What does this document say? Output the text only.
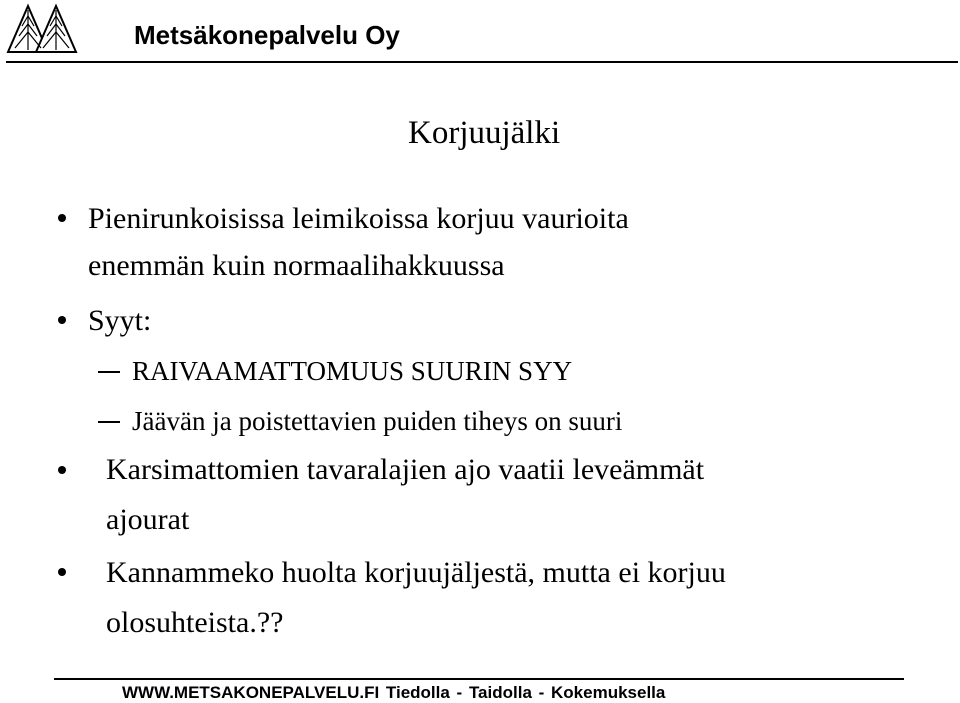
Metsäkonepalvelu Oy
Korjuujälki
Pienirunkoisissa leimikoissa korjuu vaurioita
enemmän kuin normaalihakkuussa
Syyt:
RAIVAAMATTOMUUS SUURIN SYY
Jäävän ja poistettavien puiden tiheys on suuri
Karsimattomien tavaralajien ajo vaatii leveämmät
ajourat
Kannammeko huolta korjuujäljestä, mutta ei korjuu
olosuhteista.??
WWW.METSAKONEPALVELU.FI Tiedolla - Taidolla - Kokemuksella
